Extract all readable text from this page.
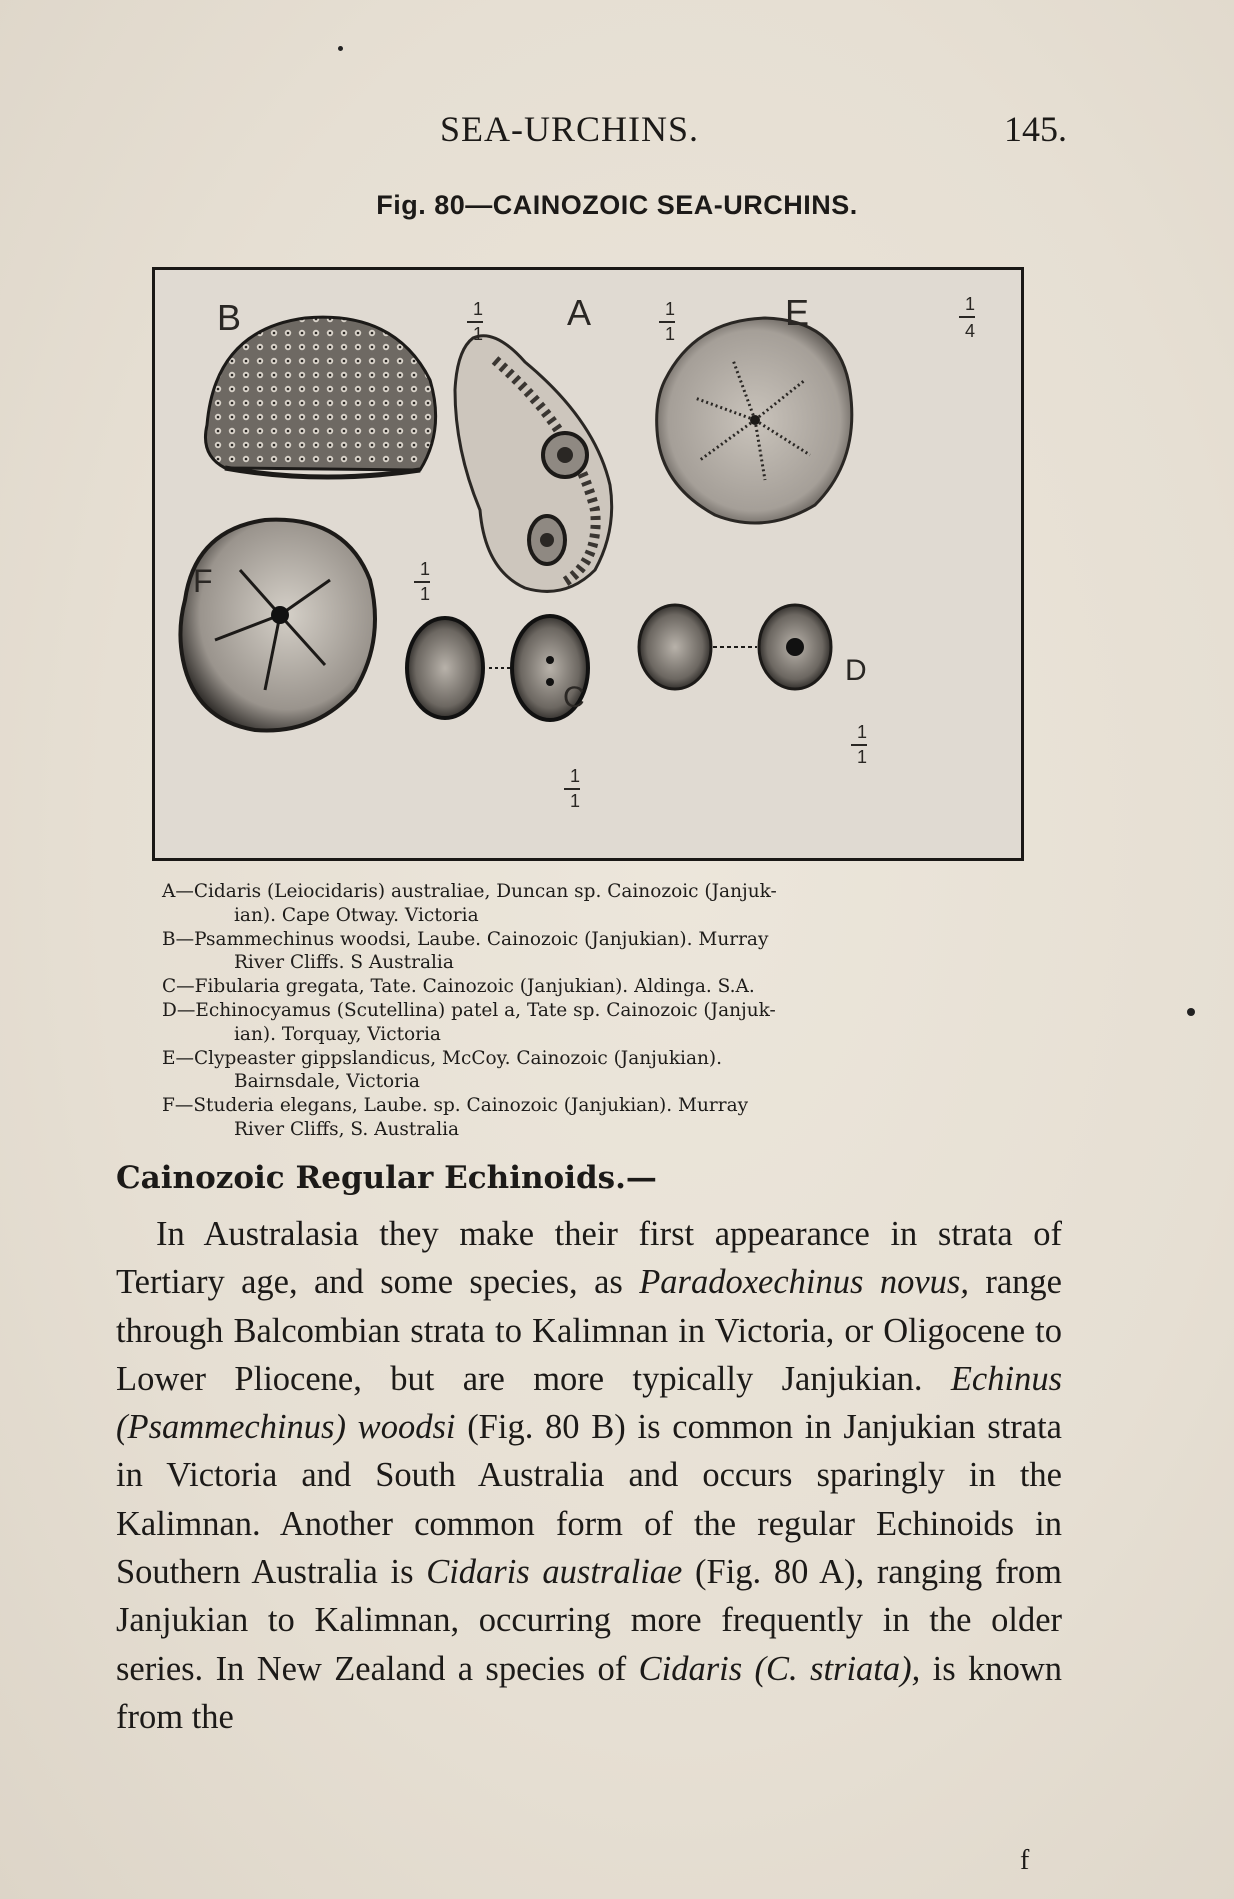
SEA-URCHINS.	145.
Fig. 80—CAINOZOIC SEA-URCHINS.
B	A	E
F
C
D
1
1
1
1
1
4
1
1
1
1
1
1
A—Cidaris (Leiocidaris) australiae, Duncan sp. Cainozoic (Janjuk-
ian). Cape Otway. Victoria
B—Psammechinus woodsi, Laube. Cainozoic (Janjukian). Murray
River Cliffs. S Australia
C—Fibularia gregata, Tate. Cainozoic (Janjukian). Aldinga. S.A.
D—Echinocyamus (Scutellina) patel a, Tate sp. Cainozoic (Janjuk-
ian). Torquay, Victoria
E—Clypeaster gippslandicus, McCoy. Cainozoic (Janjukian).
Bairnsdale, Victoria
F—Studeria elegans, Laube. sp. Cainozoic (Janjukian). Murray
River Cliffs, S. Australia
Cainozoic Regular Echinoids.—

In Australasia they make their first appearance in strata of Tertiary age, and some species, as Paradoxechinus novus, range through Balcombian strata to Kalimnan in Victoria, or Oligocene to Lower Pliocene, but are more typically Janjukian. Echinus (Psammechinus) woodsi (Fig. 80 B) is common in Janjukian strata in Victoria and South Australia and occurs sparingly in the Kalimnan. Another common form of the regular Echinoids in Southern Australia is Cidaris australiae (Fig. 80 A), ranging from Janjukian to Kalimnan, occurring more frequently in the older series. In New Zealand a species of Cidaris (C. striata), is known from the

f
